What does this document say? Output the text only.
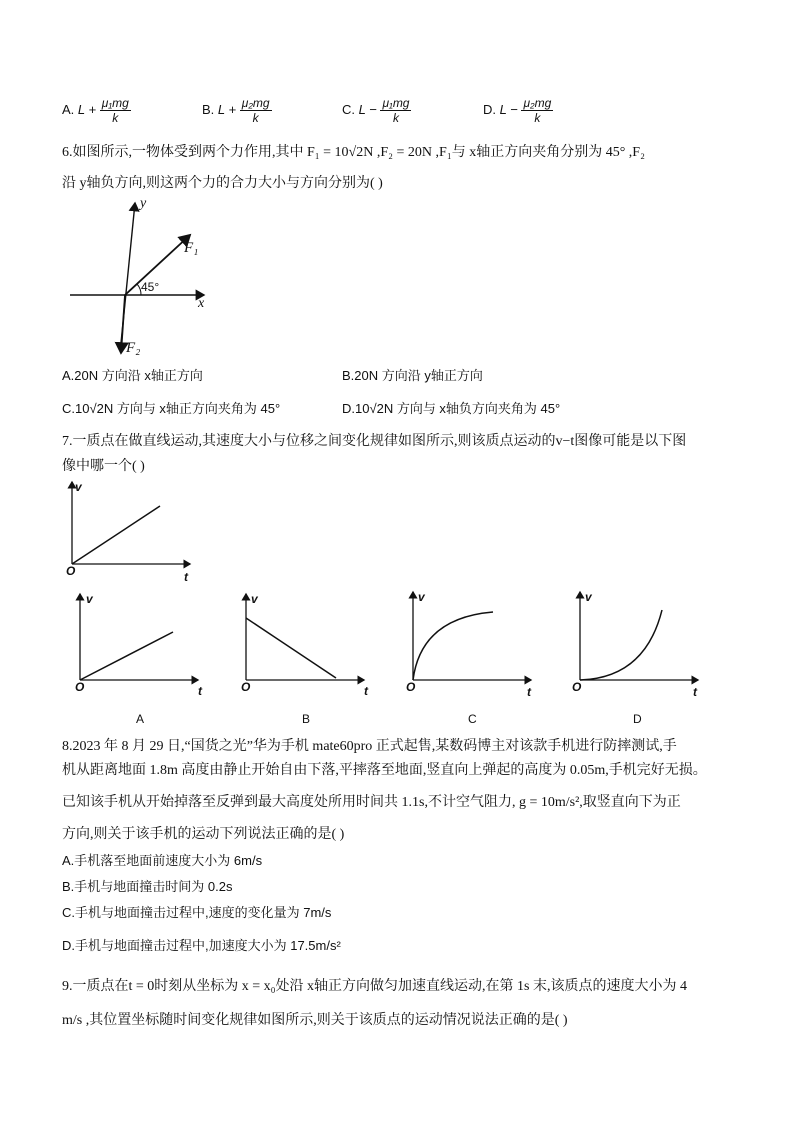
A. $L + \frac{\text{μ₁mg}}{k}$	B. $L + \frac{\text{μ₂mg}}{k}$	C. $L - \frac{\text{μ₁mg}}{k}$	D. $L - \frac{\text{μ₂mg}}{k}$
6.如图所示,一物体受到两个力作用,其中 F₁ = 10√2N ,F₂ = 20N ,F₁与 x轴正方向夹角分别为 45° ,F₂
沿 y轴负方向,则这两个力的合力大小与方向分别为( )
y
x
F₁
F₂
45°
A.20N 方向沿 x轴正方向	B.20N 方向沿 y轴正方向
C.10√2N 方向与 x轴正方向夹角为 45°	D.10√2N 方向与 x轴负方向夹角为 45°
7.一质点在做直线运动,其速度大小与位移之间变化规律如图所示,则该质点运动的v−t图像可能是以下图
像中哪一个( )
v
t
O
v
t
O
v
t
O
v
t
O
v
t
O
A	B	C	D
8.2023 年 8 月 29 日,“国货之光”华为手机 mate60pro 正式起售,某数码博主对该款手机进行防摔测试,手
机从距离地面 1.8m 高度由静止开始自由下落,平摔落至地面,竖直向上弹起的高度为 0.05m,手机完好无损。
已知该手机从开始掉落至反弹到最大高度处所用时间共 1.1s,不计空气阻力, g = 10m/s²,取竖直向下为正
方向,则关于该手机的运动下列说法正确的是( )
A.手机落至地面前速度大小为 6m/s
B.手机与地面撞击时间为 0.2s
C.手机与地面撞击过程中,速度的变化量为 7m/s
D.手机与地面撞击过程中,加速度大小为 17.5m/s²
9.一质点在t = 0时刻从坐标为 x = x₀处沿 x轴正方向做匀加速直线运动,在第 1s 末,该质点的速度大小为 4
m/s ,其位置坐标随时间变化规律如图所示,则关于该质点的运动情况说法正确的是( )
